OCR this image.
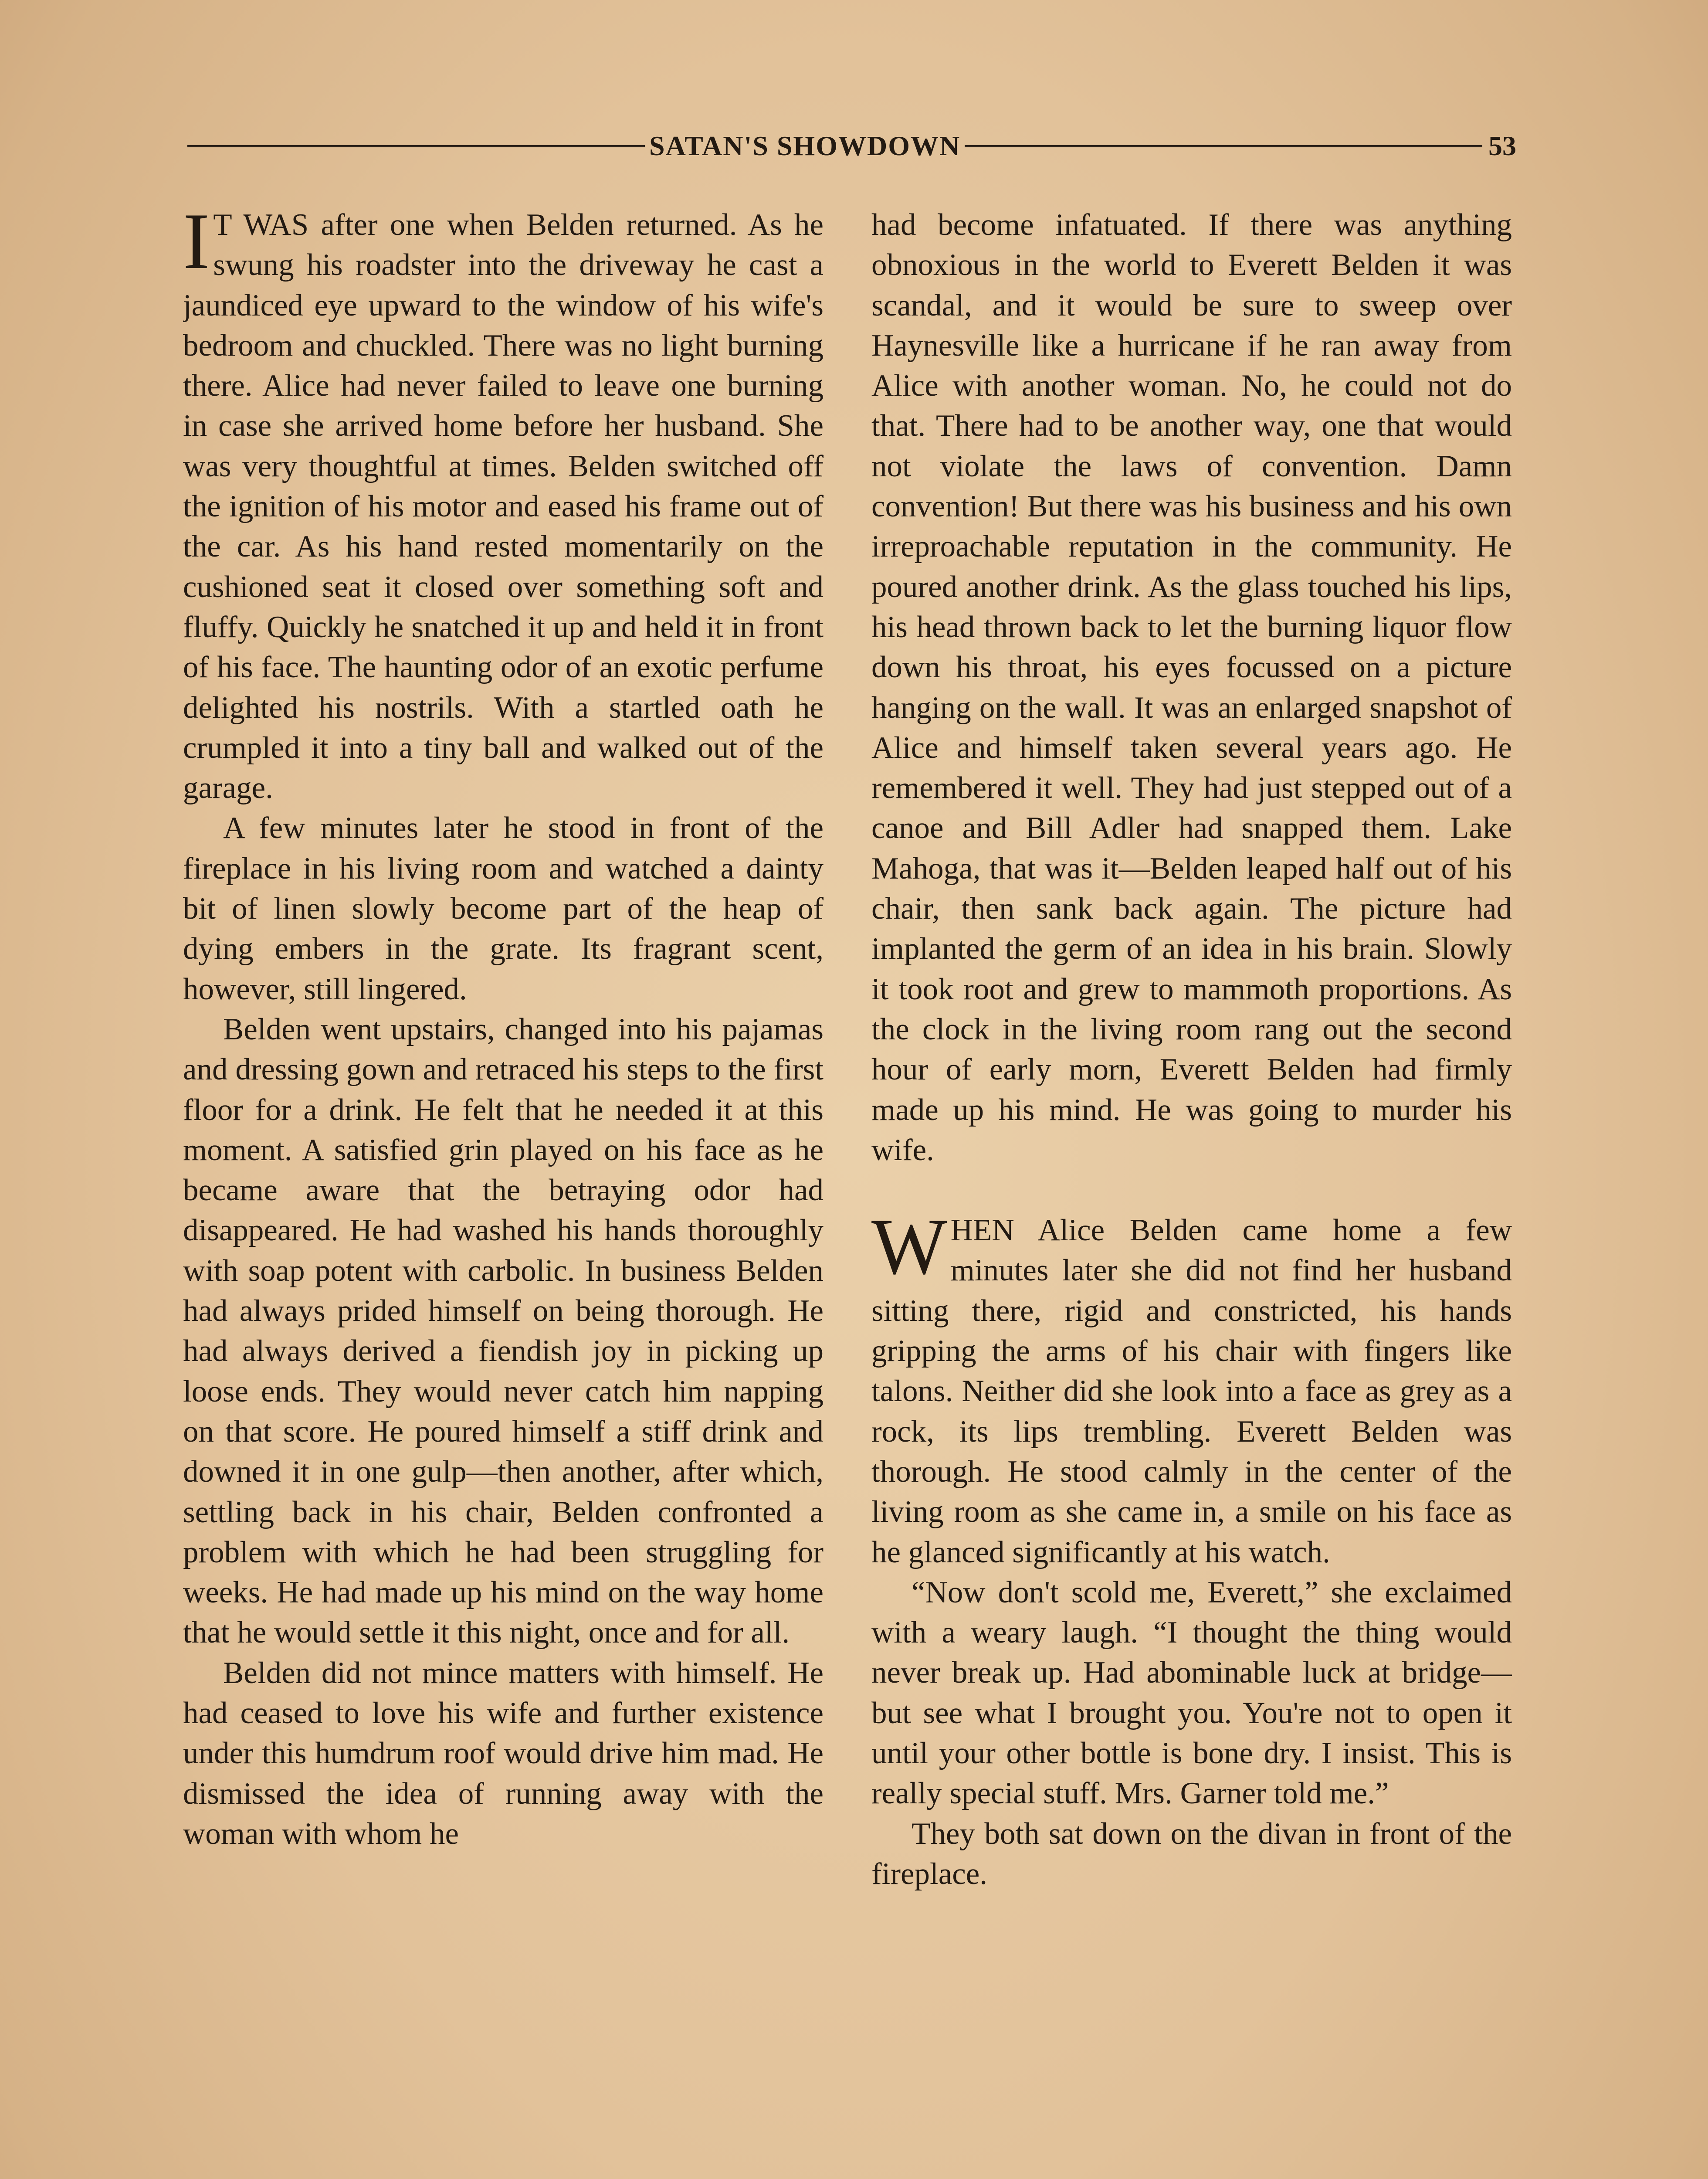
SATAN'S SHOWDOWN	53

I T WAS after one when Belden returned. As he swung his roadster into the driveway he cast a jaundiced eye upward to the window of his wife's bedroom and chuckled. There was no light burning there. Alice had never failed to leave one burning in case she arrived home before her husband. She was very thoughtful at times. Belden switched off the ignition of his motor and eased his frame out of the car. As his hand rested momentarily on the cushioned seat it closed over something soft and fluffy. Quickly he snatched it up and held it in front of his face. The haunting odor of an exotic perfume delighted his nostrils. With a startled oath he crumpled it into a tiny ball and walked out of the garage.

A few minutes later he stood in front of the fireplace in his living room and watched a dainty bit of linen slowly become part of the heap of dying embers in the grate. Its fragrant scent, however, still lingered.

Belden went upstairs, changed into his pajamas and dressing gown and retraced his steps to the first floor for a drink. He felt that he needed it at this moment. A satisfied grin played on his face as he became aware that the betraying odor had disappeared. He had washed his hands thoroughly with soap potent with carbolic. In business Belden had always prided himself on being thorough. He had always derived a fiendish joy in picking up loose ends. They would never catch him napping on that score. He poured himself a stiff drink and downed it in one gulp—then another, after which, settling back in his chair, Belden confronted a problem with which he had been struggling for weeks. He had made up his mind on the way home that he would settle it this night, once and for all.

Belden did not mince matters with himself. He had ceased to love his wife and further existence under this humdrum roof would drive him mad. He dismissed the idea of running away with the woman with whom he

had become infatuated. If there was anything obnoxious in the world to Everett Belden it was scandal, and it would be sure to sweep over Haynesville like a hurricane if he ran away from Alice with another woman. No, he could not do that. There had to be another way, one that would not violate the laws of convention. Damn convention! But there was his business and his own irreproachable reputation in the community. He poured another drink. As the glass touched his lips, his head thrown back to let the burning liquor flow down his throat, his eyes focussed on a picture hanging on the wall. It was an enlarged snapshot of Alice and himself taken several years ago. He remembered it well. They had just stepped out of a canoe and Bill Adler had snapped them. Lake Mahoga, that was it—Belden leaped half out of his chair, then sank back again. The picture had implanted the germ of an idea in his brain. Slowly it took root and grew to mammoth proportions. As the clock in the living room rang out the second hour of early morn, Everett Belden had firmly made up his mind. He was going to murder his wife.

WHEN Alice Belden came home a few minutes later she did not find her husband sitting there, rigid and constricted, his hands gripping the arms of his chair with fingers like talons. Neither did she look into a face as grey as a rock, its lips trembling. Everett Belden was thorough. He stood calmly in the center of the living room as she came in, a smile on his face as he glanced significantly at his watch.

“Now don't scold me, Everett,” she exclaimed with a weary laugh. “I thought the thing would never break up. Had abominable luck at bridge—but see what I brought you. You're not to open it until your other bottle is bone dry. I insist. This is really special stuff. Mrs. Garner told me.”

They both sat down on the divan in front of the fireplace.
